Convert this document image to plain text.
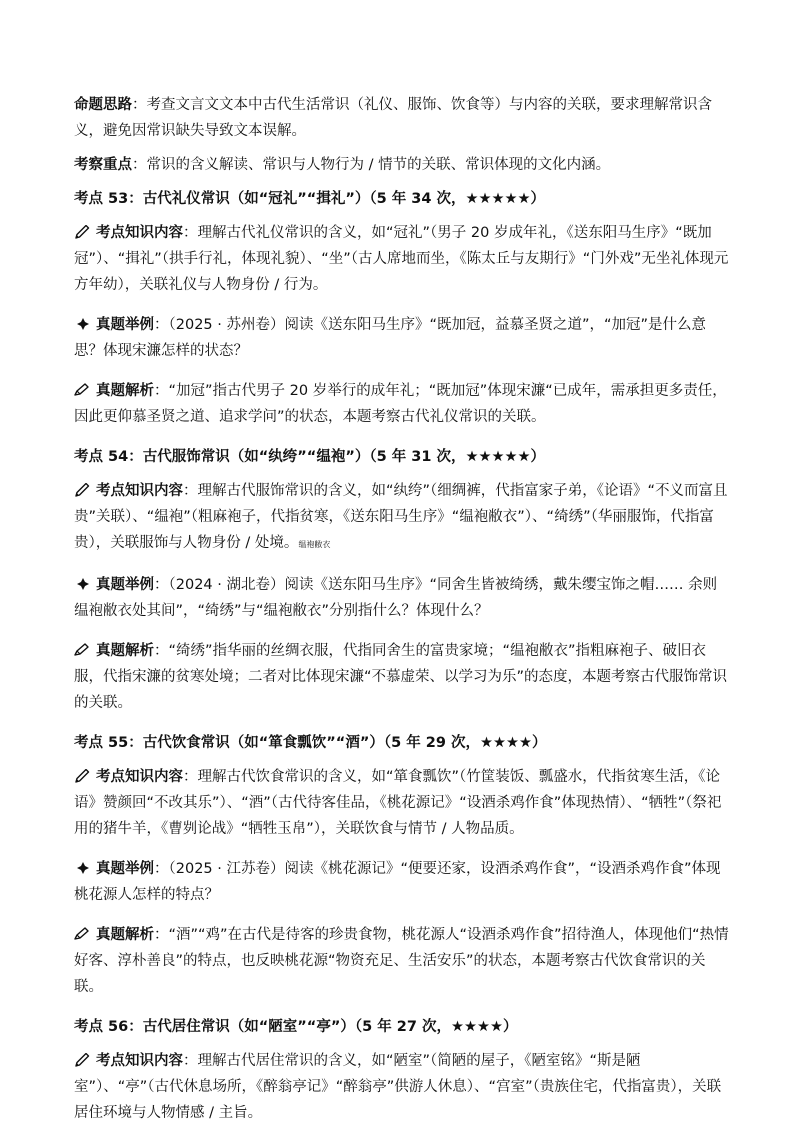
命题思路：考查文言文文本中古代生活常识（礼仪、服饰、饮食等）与内容的关联，要求理解常识含义，避免因常识缺失导致文本误解。

考察重点：常识的含义解读、常识与人物行为 / 情节的关联、常识体现的文化内涵。

考点 53：古代礼仪常识（如“冠礼”“揖礼”）（5 年 34 次，★★★★★）

考点知识内容：理解古代礼仪常识的含义，如“冠礼”（男子 20 岁成年礼，《送东阳马生序》“既加冠”）、“揖礼”（拱手行礼，体现礼貌）、“坐”（古人席地而坐，《陈太丘与友期行》“门外戏”无坐礼体现元方年幼），关联礼仪与人物身份 / 行为。

真题举例：（2025 · 苏州卷）阅读《送东阳马生序》“既加冠，益慕圣贤之道”，“加冠”是什么意思？体现宋濂怎样的状态？

真题解析：“加冠”指古代男子 20 岁举行的成年礼；“既加冠”体现宋濂“已成年，需承担更多责任，因此更仰慕圣贤之道、追求学问”的状态，本题考察古代礼仪常识的关联。

考点 54：古代服饰常识（如“纨绔”“缊袍”）（5 年 31 次，★★★★★）

考点知识内容：理解古代服饰常识的含义，如“纨绔”（细绸裤，代指富家子弟，《论语》“不义而富且贵”关联）、“缊袍”（粗麻袍子，代指贫寒，《送东阳马生序》“缊袍敝衣”）、“绮绣”（华丽服饰，代指富贵），关联服饰与人物身份 / 处境。缊袍敝衣

真题举例：（2024 · 湖北卷）阅读《送东阳马生序》“同舍生皆被绮绣，戴朱缨宝饰之帽…… 余则缊袍敝衣处其间”，“绮绣”与“缊袍敝衣”分别指什么？体现什么？

真题解析：“绮绣”指华丽的丝绸衣服，代指同舍生的富贵家境；“缊袍敝衣”指粗麻袍子、破旧衣服，代指宋濂的贫寒处境；二者对比体现宋濂“不慕虚荣、以学习为乐”的态度，本题考察古代服饰常识的关联。

考点 55：古代饮食常识（如“箪食瓢饮”“酒”）（5 年 29 次，★★★★）

考点知识内容：理解古代饮食常识的含义，如“箪食瓢饮”（竹筐装饭、瓢盛水，代指贫寒生活，《论语》赞颜回“不改其乐”）、“酒”（古代待客佳品，《桃花源记》“设酒杀鸡作食”体现热情）、“牺牲”（祭祀用的猪牛羊，《曹刿论战》“牺牲玉帛”），关联饮食与情节 / 人物品质。

真题举例：（2025 · 江苏卷）阅读《桃花源记》“便要还家，设酒杀鸡作食”，“设酒杀鸡作食”体现桃花源人怎样的特点？

真题解析：“酒”“鸡”在古代是待客的珍贵食物，桃花源人“设酒杀鸡作食”招待渔人，体现他们“热情好客、淳朴善良”的特点，也反映桃花源“物资充足、生活安乐”的状态，本题考察古代饮食常识的关联。

考点 56：古代居住常识（如“陋室”“亭”）（5 年 27 次，★★★★）

考点知识内容：理解古代居住常识的含义，如“陋室”（简陋的屋子，《陋室铭》“斯是陋室”）、“亭”（古代休息场所，《醉翁亭记》“醉翁亭”供游人休息）、“宫室”（贵族住宅，代指富贵），关联居住环境与人物情感 / 主旨。
